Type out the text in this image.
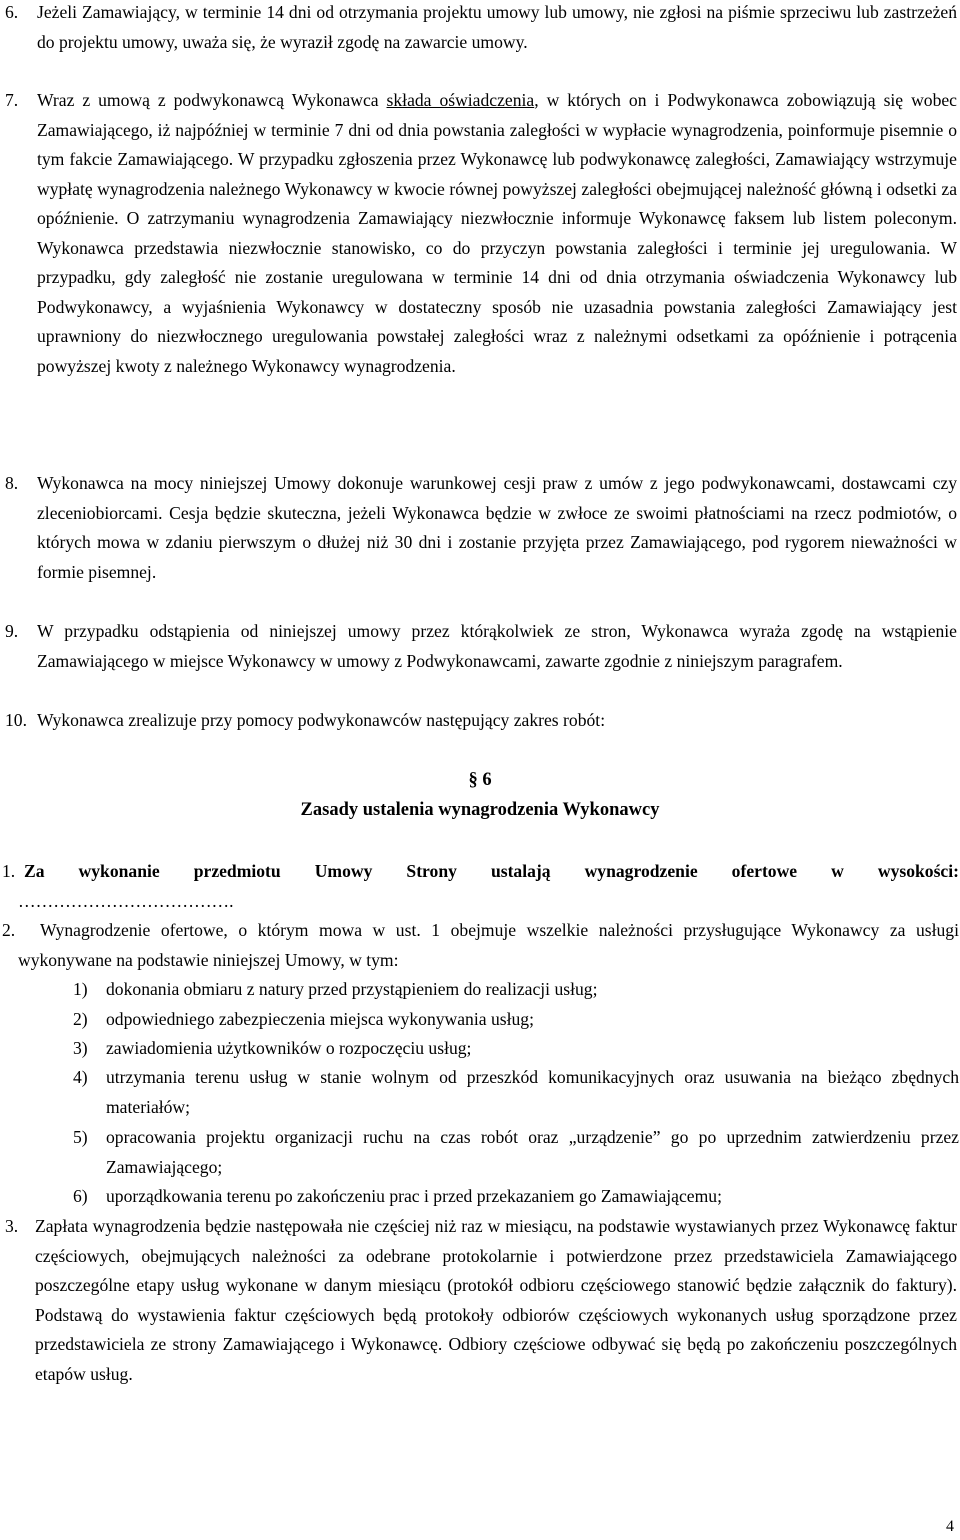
6. Jeżeli Zamawiający, w terminie 14 dni od otrzymania projektu umowy lub umowy, nie zgłosi na piśmie sprzeciwu lub zastrzeżeń do projektu umowy, uważa się, że wyraził zgodę na zawarcie umowy.
7. Wraz z umową z podwykonawcą Wykonawca składa oświadczenia, w których on i Podwykonawca zobowiązują się wobec Zamawiającego, iż najpóźniej w terminie 7 dni od dnia powstania zaległości w wypłacie wynagrodzenia, poinformuje pisemnie o tym fakcie Zamawiającego. W przypadku zgłoszenia przez Wykonawcę lub podwykonawcę zaległości, Zamawiający wstrzymuje wypłatę wynagrodzenia należnego Wykonawcy w kwocie równej powyższej zaległości obejmującej należność główną i odsetki za opóźnienie. O zatrzymaniu wynagrodzenia Zamawiający niezwłocznie informuje Wykonawcę faksem lub listem poleconym. Wykonawca przedstawia niezwłocznie stanowisko, co do przyczyn powstania zaległości i terminie jej uregulowania. W przypadku, gdy zaległość nie zostanie uregulowana w terminie 14 dni od dnia otrzymania oświadczenia Wykonawcy lub Podwykonawcy, a wyjaśnienia Wykonawcy w dostateczny sposób nie uzasadnia powstania zaległości Zamawiający jest uprawniony do niezwłocznego uregulowania powstałej zaległości wraz z należnymi odsetkami za opóźnienie i potrącenia powyższej kwoty z należnego Wykonawcy wynagrodzenia.
8. Wykonawca na mocy niniejszej Umowy dokonuje warunkowej cesji praw z umów z jego podwykonawcami, dostawcami czy zleceniobiorcami. Cesja będzie skuteczna, jeżeli Wykonawca będzie w zwłoce ze swoimi płatnościami na rzecz podmiotów, o których mowa w zdaniu pierwszym o dłużej niż 30 dni i zostanie przyjęta przez Zamawiającego, pod rygorem nieważności w formie pisemnej.
9. W przypadku odstąpienia od niniejszej umowy przez którąkolwiek ze stron, Wykonawca wyraża zgodę na wstąpienie Zamawiającego w miejsce Wykonawcy w umowy z Podwykonawcami, zawarte zgodnie z niniejszym paragrafem.
10. Wykonawca zrealizuje przy pomocy podwykonawców następujący zakres robót:
§ 6
Zasady ustalenia wynagrodzenia Wykonawcy
1. Za wykonanie przedmiotu Umowy Strony ustalają wynagrodzenie ofertowe w wysokości:
……………………………….
2.	Wynagrodzenie ofertowe, o którym mowa w ust. 1 obejmuje wszelkie należności przysługujące Wykonawcy za usługi wykonywane na podstawie niniejszej Umowy, w tym:
1) dokonania obmiaru z natury przed przystąpieniem do realizacji usług;
2) odpowiedniego zabezpieczenia miejsca wykonywania usług;
3) zawiadomienia użytkowników o rozpoczęciu usług;
4) utrzymania terenu usług w stanie wolnym od przeszkód komunikacyjnych oraz usuwania na bieżąco zbędnych materiałów;
5) opracowania projektu organizacji ruchu na czas robót oraz „urządzenie” go po uprzednim zatwierdzeniu przez Zamawiającego;
6) uporządkowania terenu po zakończeniu prac i przed przekazaniem go Zamawiającemu;
3. Zapłata wynagrodzenia będzie następowała nie częściej niż raz w miesiącu, na podstawie wystawianych przez Wykonawcę faktur częściowych, obejmujących należności za odebrane protokolarnie i potwierdzone przez przedstawiciela Zamawiającego poszczególne etapy usług wykonane w danym miesiącu (protokół odbioru częściowego stanowić będzie załącznik do faktury). Podstawą do wystawienia faktur częściowych będą protokoły odbiorów częściowych wykonanych usług sporządzone przez przedstawiciela ze strony Zamawiającego i Wykonawcę. Odbiory częściowe odbywać się będą po zakończeniu poszczególnych etapów usług.
4
